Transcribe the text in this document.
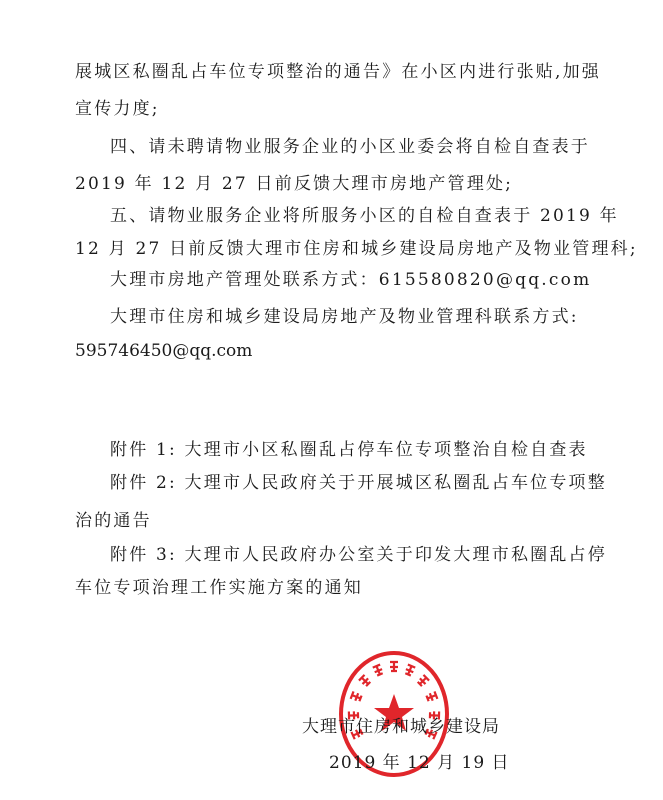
展城区私圈乱占车位专项整治的通告》在小区内进行张贴,加强
宣传力度;
四、请未聘请物业服务企业的小区业委会将自检自查表于
2019 年 12 月 27 日前反馈大理市房地产管理处;
五、请物业服务企业将所服务小区的自检自查表于 2019 年
12 月 27 日前反馈大理市住房和城乡建设局房地产及物业管理科;
大理市房地产管理处联系方式：615580820@qq.com
大理市住房和城乡建设局房地产及物业管理科联系方式:
595746450@qq.com
附件 1: 大理市小区私圈乱占停车位专项整治自检自查表
附件 2: 大理市人民政府关于开展城区私圈乱占车位专项整
治的通告
附件 3: 大理市人民政府办公室关于印发大理市私圈乱占停
车位专项治理工作实施方案的通知
大理市住房和城乡建设局
2019 年 12 月 19 日
